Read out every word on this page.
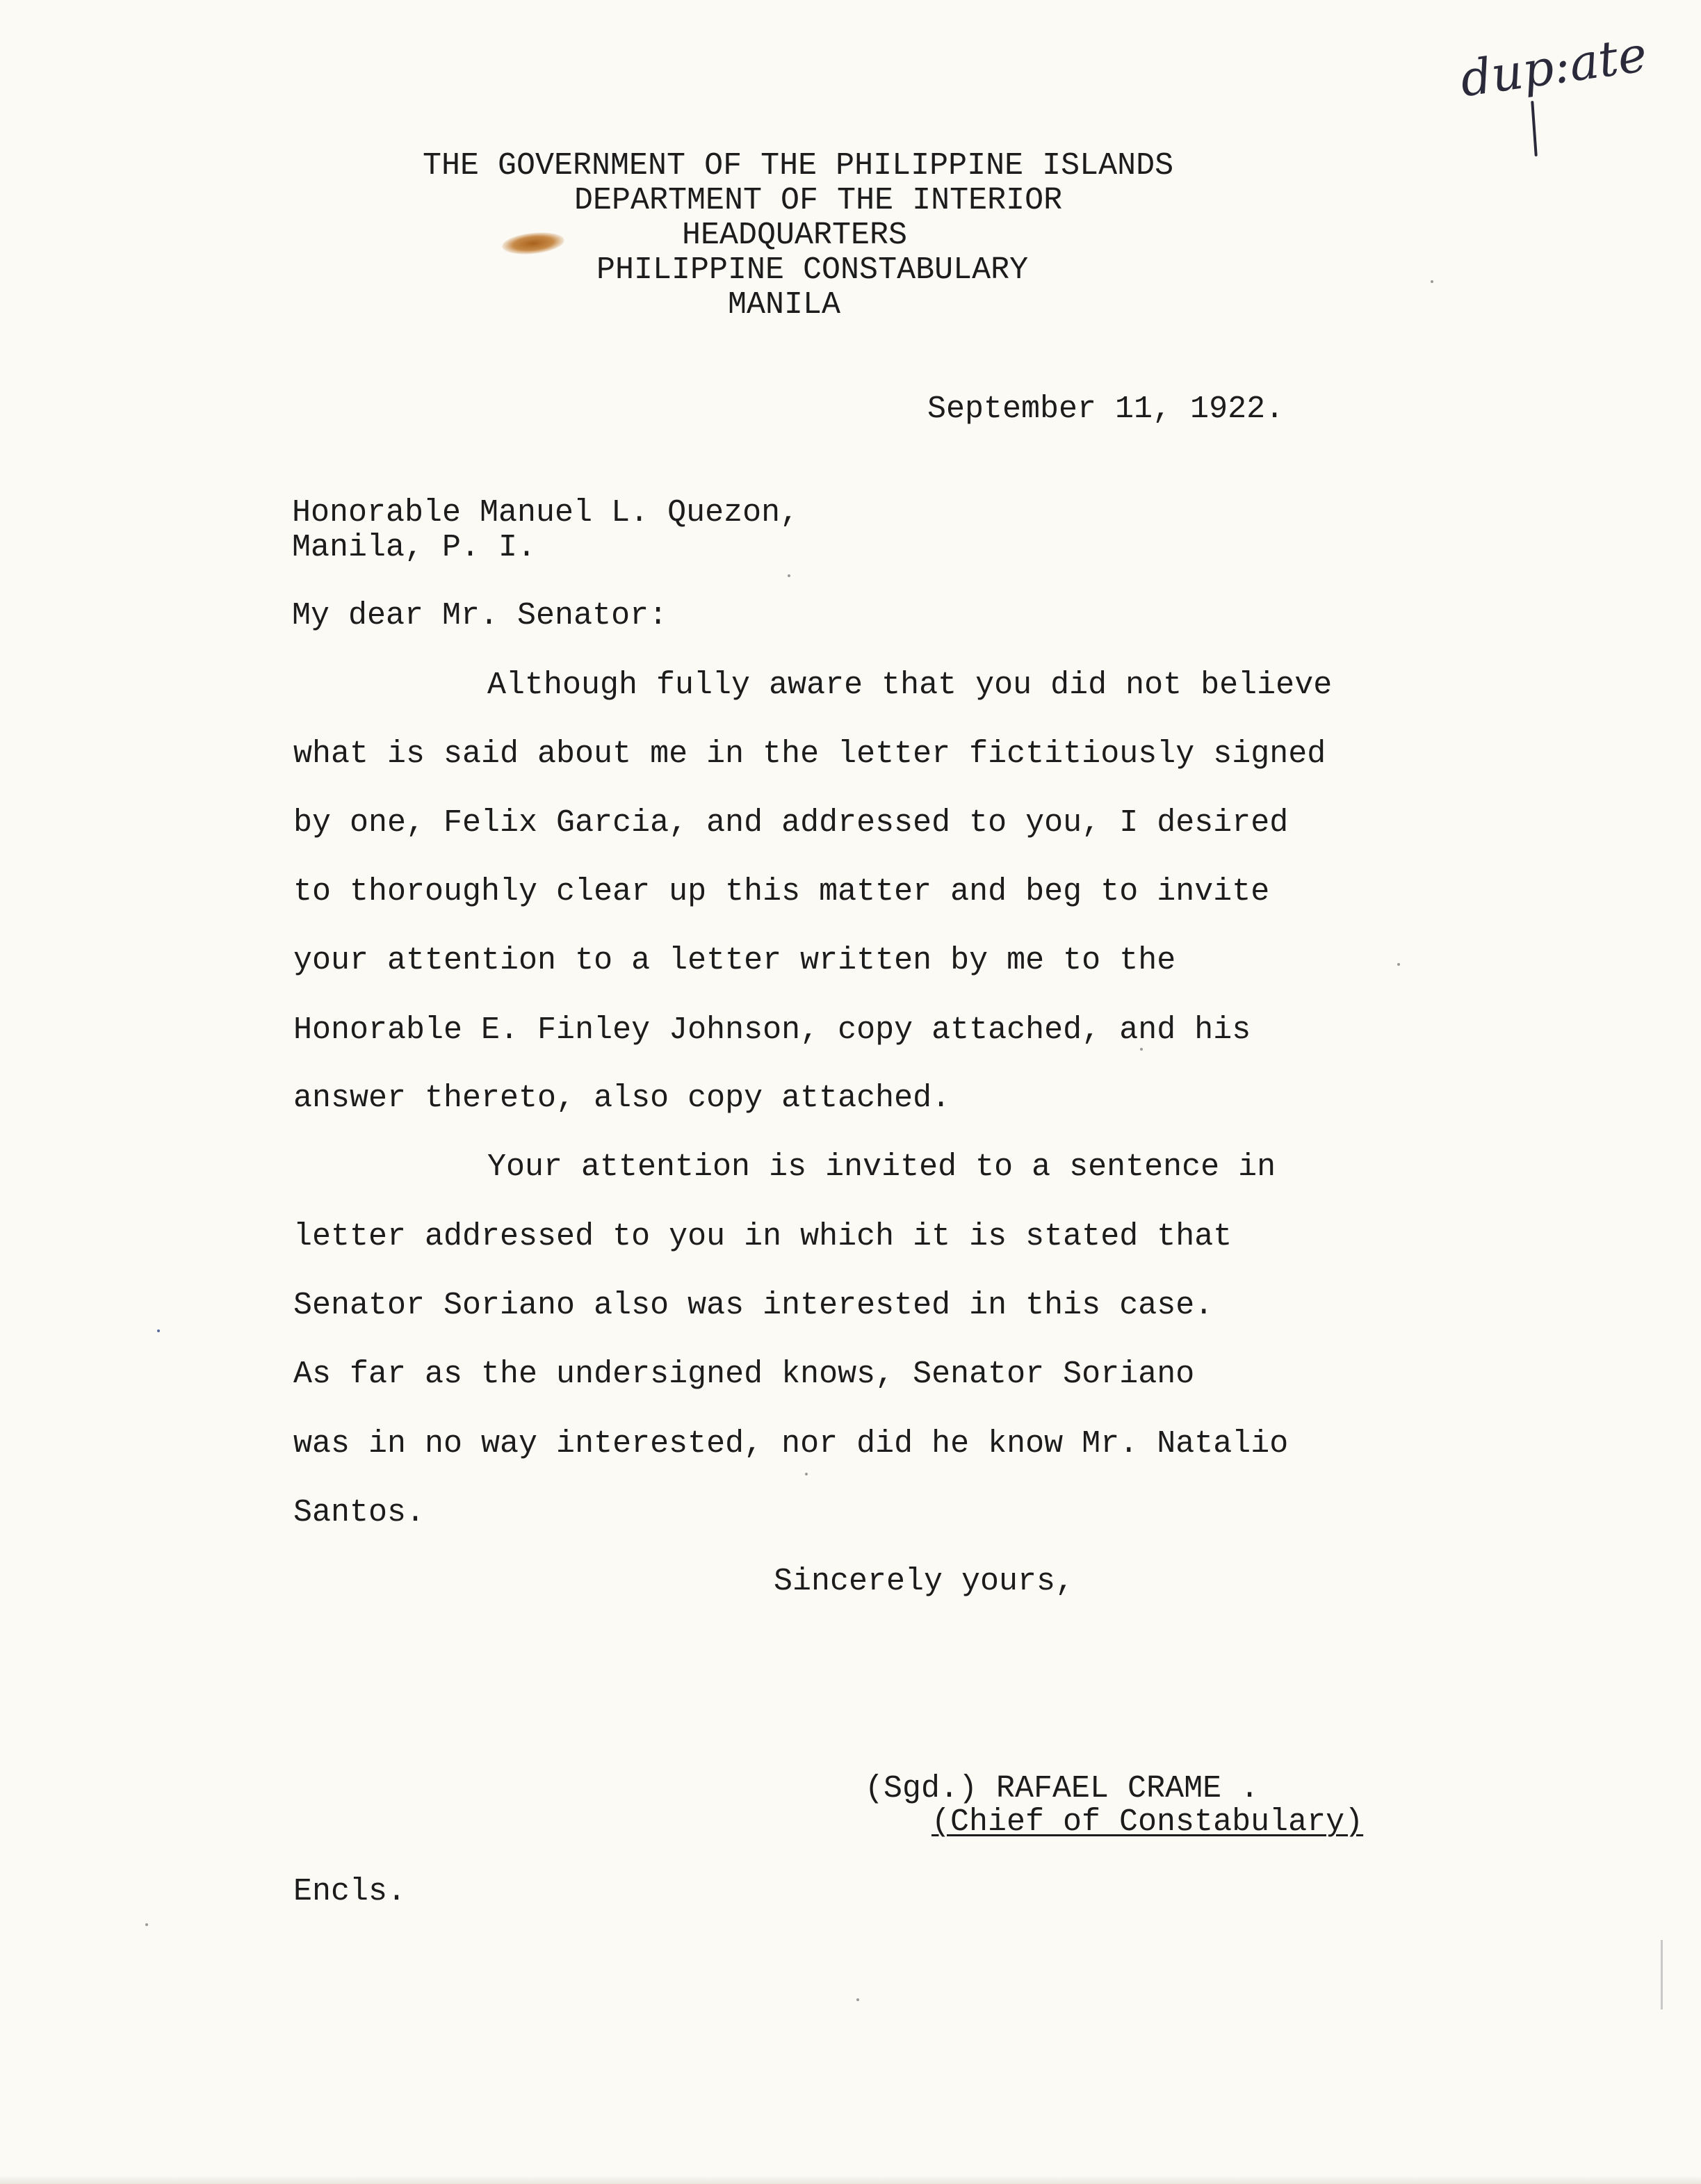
dup:ate
THE GOVERNMENT OF THE PHILIPPINE ISLANDS
DEPARTMENT OF THE INTERIOR
HEADQUARTERS
PHILIPPINE CONSTABULARY
MANILA
September 11, 1922.
Honorable Manuel L. Quezon,
Manila, P. I.
My dear Mr. Senator:
Although fully aware that you did not believe
what is said about me in the letter fictitiously signed
by one, Felix Garcia, and addressed to you, I desired
to thoroughly clear up this matter and beg to invite
your attention to a letter written by me to the
Honorable E. Finley Johnson, copy attached, and his
answer thereto, also copy attached.
Your attention is invited to a sentence in
letter addressed to you in which it is stated that
Senator Soriano also was interested in this case.
As far as the undersigned knows, Senator Soriano
was in no way interested, nor did he know Mr. Natalio
Santos.
Sincerely yours,
(Sgd.) RAFAEL CRAME .
(Chief of Constabulary)
Encls.
